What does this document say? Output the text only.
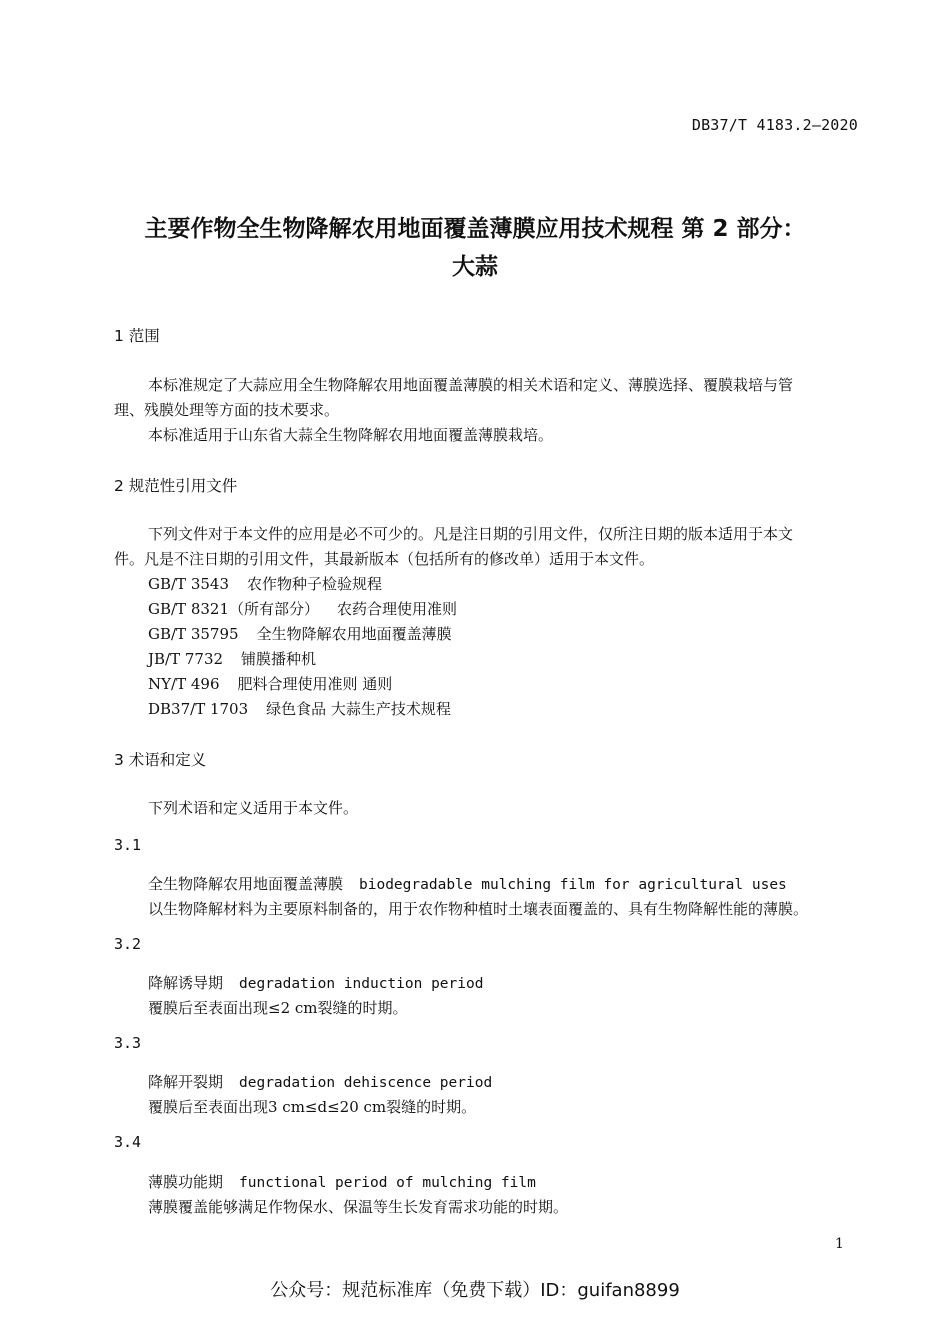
DB37/T 4183.2—2020
主要作物全生物降解农用地面覆盖薄膜应用技术规程 第 2 部分：
大蒜
1 范围
本标准规定了大蒜应用全生物降解农用地面覆盖薄膜的相关术语和定义、薄膜选择、覆膜栽培与管
理、残膜处理等方面的技术要求。
本标准适用于山东省大蒜全生物降解农用地面覆盖薄膜栽培。
2 规范性引用文件
下列文件对于本文件的应用是必不可少的。凡是注日期的引用文件，仅所注日期的版本适用于本文
件。凡是不注日期的引用文件，其最新版本（包括所有的修改单）适用于本文件。
GB/T 3543 农作物种子检验规程
GB/T 8321（所有部分） 农药合理使用准则
GB/T 35795 全生物降解农用地面覆盖薄膜
JB/T 7732 铺膜播种机
NY/T 496 肥料合理使用准则 通则
DB37/T 1703 绿色食品 大蒜生产技术规程
3 术语和定义
下列术语和定义适用于本文件。
3.1
全生物降解农用地面覆盖薄膜 biodegradable mulching film for agricultural uses
以生物降解材料为主要原料制备的，用于农作物种植时土壤表面覆盖的、具有生物降解性能的薄膜。
3.2
降解诱导期 degradation induction period
覆膜后至表面出现≤2 cm裂缝的时期。
3.3
降解开裂期 degradation dehiscence period
覆膜后至表面出现3 cm≤d≤20 cm裂缝的时期。
3.4
薄膜功能期 functional period of mulching film
薄膜覆盖能够满足作物保水、保温等生长发育需求功能的时期。
1
公众号：规范标准库（免费下载）ID：guifan8899
